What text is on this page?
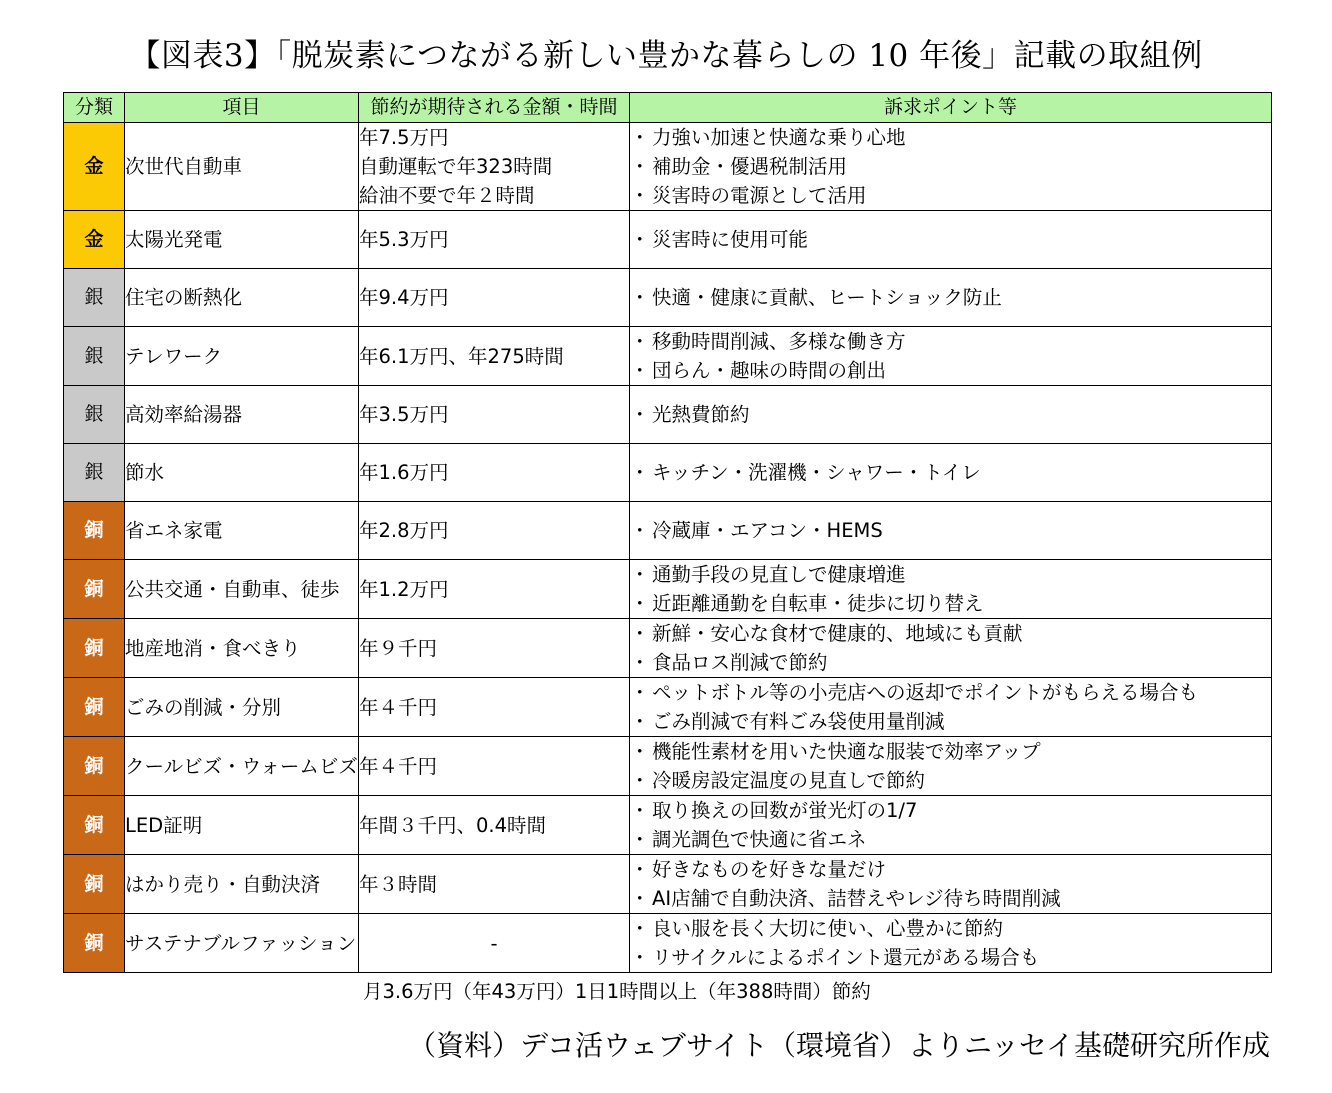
【図表3】「脱炭素につながる新しい豊かな暮らしの 10 年後」記載の取組例
分類	項目	節約が期待される金額・時間	訴求ポイント等
金	次世代自動車	年7.5万円
自動運転で年323時間
給油不要で年２時間	・ 力強い加速と快適な乗り心地
・ 補助金・優遇税制活用
・ 災害時の電源として活用

金	太陽光発電	年5.3万円	・ 災害時に使用可能

銀	住宅の断熱化	年9.4万円	・ 快適・健康に貢献、ヒートショック防止

銀	テレワーク	年6.1万円、年275時間	・ 移動時間削減、多様な働き方
・ 団らん・趣味の時間の創出

銀	高効率給湯器	年3.5万円	・ 光熱費節約

銀	節水	年1.6万円	・ キッチン・洗濯機・シャワー・トイレ

銅	省エネ家電	年2.8万円	・ 冷蔵庫・エアコン・HEMS

銅	公共交通・自動車、徒歩	年1.2万円	・ 通勤手段の見直しで健康増進
・ 近距離通勤を自転車・徒歩に切り替え

銅	地産地消・食べきり	年９千円	・ 新鮮・安心な食材で健康的、地域にも貢献
・ 食品ロス削減で節約

銅	ごみの削減・分別	年４千円	・ ペットボトル等の小売店への返却でポイントがもらえる場合も
・ ごみ削減で有料ごみ袋使用量削減

銅	クールビズ・ウォームビズ	年４千円	・ 機能性素材を用いた快適な服装で効率アップ
・ 冷暖房設定温度の見直しで節約

銅	LED証明	年間３千円、0.4時間	・ 取り換えの回数が蛍光灯の1/7
・ 調光調色で快適に省エネ

銅	はかり売り・自動決済	年３時間	・ 好きなものを好きな量だけ
・ AI店舗で自動決済、詰替えやレジ待ち時間削減

銅	サステナブルファッション	-	・ 良い服を長く大切に使い、心豊かに節約
・ リサイクルによるポイント還元がある場合も
月3.6万円（年43万円）1日1時間以上（年388時間）節約
（資料）デコ活ウェブサイト（環境省）よりニッセイ基礎研究所作成
